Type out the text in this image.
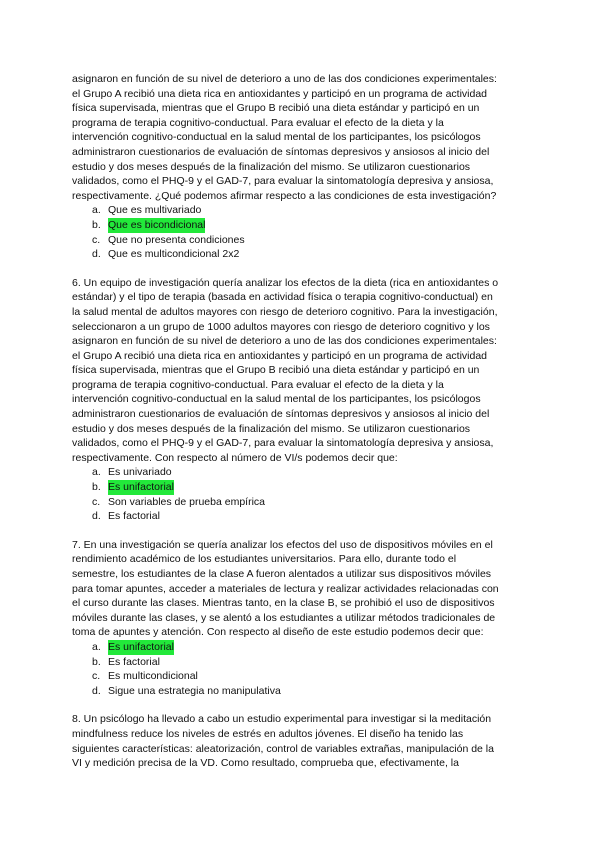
asignaron en función de su nivel de deterioro a uno de las dos condiciones experimentales:
el Grupo A recibió una dieta rica en antioxidantes y participó en un programa de actividad
física supervisada, mientras que el Grupo B recibió una dieta estándar y participó en un
programa de terapia cognitivo-conductual. Para evaluar el efecto de la dieta y la
intervención cognitivo-conductual en la salud mental de los participantes, los psicólogos
administraron cuestionarios de evaluación de síntomas depresivos y ansiosos al inicio del
estudio y dos meses después de la finalización del mismo. Se utilizaron cuestionarios
validados, como el PHQ-9 y el GAD-7, para evaluar la sintomatología depresiva y ansiosa,
respectivamente. ¿Qué podemos afirmar respecto a las condiciones de esta investigación?

a. Que es multivariado
b. Que es bicondicional
c. Que no presenta condiciones
d. Que es multicondicional 2x2

6. Un equipo de investigación quería analizar los efectos de la dieta (rica en antioxidantes o
estándar) y el tipo de terapia (basada en actividad física o terapia cognitivo-conductual) en
la salud mental de adultos mayores con riesgo de deterioro cognitivo. Para la investigación,
seleccionaron a un grupo de 1000 adultos mayores con riesgo de deterioro cognitivo y los
asignaron en función de su nivel de deterioro a uno de las dos condiciones experimentales:
el Grupo A recibió una dieta rica en antioxidantes y participó en un programa de actividad
física supervisada, mientras que el Grupo B recibió una dieta estándar y participó en un
programa de terapia cognitivo-conductual. Para evaluar el efecto de la dieta y la
intervención cognitivo-conductual en la salud mental de los participantes, los psicólogos
administraron cuestionarios de evaluación de síntomas depresivos y ansiosos al inicio del
estudio y dos meses después de la finalización del mismo. Se utilizaron cuestionarios
validados, como el PHQ-9 y el GAD-7, para evaluar la sintomatología depresiva y ansiosa,
respectivamente. Con respecto al número de VI/s podemos decir que:

a. Es univariado
b. Es unifactorial
c. Son variables de prueba empírica
d. Es factorial

7. En una investigación se quería analizar los efectos del uso de dispositivos móviles en el
rendimiento académico de los estudiantes universitarios. Para ello, durante todo el
semestre, los estudiantes de la clase A fueron alentados a utilizar sus dispositivos móviles
para tomar apuntes, acceder a materiales de lectura y realizar actividades relacionadas con
el curso durante las clases. Mientras tanto, en la clase B, se prohibió el uso de dispositivos
móviles durante las clases, y se alentó a los estudiantes a utilizar métodos tradicionales de
toma de apuntes y atención. Con respecto al diseño de este estudio podemos decir que:

a. Es unifactorial
b. Es factorial
c. Es multicondicional
d. Sigue una estrategia no manipulativa

8. Un psicólogo ha llevado a cabo un estudio experimental para investigar si la meditación
mindfulness reduce los niveles de estrés en adultos jóvenes. El diseño ha tenido las
siguientes características: aleatorización, control de variables extrañas, manipulación de la
VI y medición precisa de la VD. Como resultado, comprueba que, efectivamente, la
